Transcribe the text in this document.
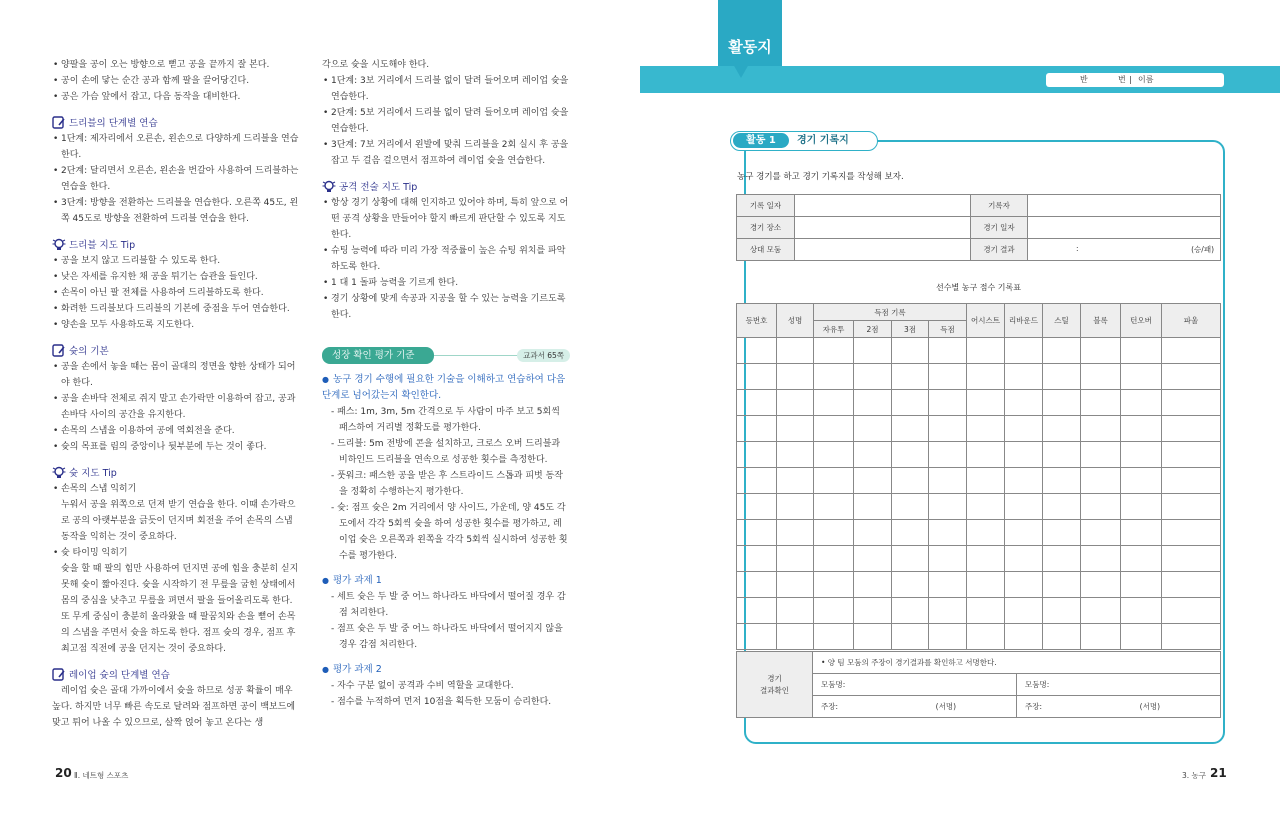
• 양팔을 공이 오는 방향으로 뻗고 공을 끝까지 잘 본다.
• 공이 손에 닿는 순간 공과 함께 팔을 끌어당긴다.
• 공은 가슴 앞에서 잡고, 다음 동작을 대비한다.
드리블의 단계별 연습
• 1단계: 제자리에서 오른손, 왼손으로 다양하게 드리블을 연습한다.
• 2단계: 달리면서 오른손, 왼손을 번갈아 사용하여 드리블하는 연습을 한다.
• 3단계: 방향을 전환하는 드리블을 연습한다. 오른쪽 45도, 왼쪽 45도로 방향을 전환하여 드리블 연습을 한다.
드리블 지도 Tip
• 공을 보지 않고 드리블할 수 있도록 한다.
• 낮은 자세를 유지한 채 공을 튀기는 습관을 들인다.
• 손목이 아닌 팔 전체를 사용하여 드리블하도록 한다.
• 화려한 드리블보다 드리블의 기본에 중점을 두어 연습한다.
• 양손을 모두 사용하도록 지도한다.
슛의 기본
• 공을 손에서 놓을 때는 몸이 골대의 정면을 향한 상태가 되어야 한다.
• 공을 손바닥 전체로 쥐지 말고 손가락만 이용하여 잡고, 공과 손바닥 사이의 공간을 유지한다.
• 손목의 스냅을 이용하여 공에 역회전을 준다.
• 슛의 목표를 림의 중앙이나 뒷부분에 두는 것이 좋다.
슛 지도 Tip
• 손목의 스냅 익히기
누워서 공을 위쪽으로 던져 받기 연습을 한다. 이때 손가락으로 공의 아랫부분을 긁듯이 던지며 회전을 주어 손목의 스냅 동작을 익히는 것이 중요하다.
• 슛 타이밍 익히기
슛을 할 때 팔의 힘만 사용하여 던지면 공에 힘을 충분히 싣지 못해 슛이 짧아진다. 슛을 시작하기 전 무릎을 굽힌 상태에서 몸의 중심을 낮추고 무릎을 펴면서 팔을 들어올리도록 한다. 또 무게 중심이 충분히 올라왔을 때 팔꿈치와 손을 뻗어 손목의 스냅을 주면서 슛을 하도록 한다. 점프 슛의 경우, 점프 후 최고점 직전에 공을 던지는 것이 중요하다.
레이업 슛의 단계별 연습
레이업 슛은 골대 가까이에서 슛을 하므로 성공 확률이 매우 높다. 하지만 너무 빠른 속도로 달려와 점프하면 공이 백보드에 맞고 튀어 나올 수 있으므로, 살짝 얹어 놓고 온다는 생
각으로 슛을 시도해야 한다.
• 1단계: 3보 거리에서 드리블 없이 달려 들어오며 레이업 슛을 연습한다.
• 2단계: 5보 거리에서 드리블 없이 달려 들어오며 레이업 슛을 연습한다.
• 3단계: 7보 거리에서 왼발에 맞춰 드리블을 2회 실시 후 공을 잡고 두 걸음 걸으면서 점프하여 레이업 슛을 연습한다.
공격 전술 지도 Tip
• 항상 경기 상황에 대해 인지하고 있어야 하며, 특히 앞으로 어떤 공격 상황을 만들어야 할지 빠르게 판단할 수 있도록 지도한다.
• 슈팅 능력에 따라 미리 가장 적중률이 높은 슈팅 위치를 파악하도록 한다.
• 1 대 1 돌파 능력을 기르게 한다.
• 경기 상황에 맞게 속공과 지공을 할 수 있는 능력을 기르도록 한다.
성장 확인 평가 기준	교과서 65쪽
● 농구 경기 수행에 필요한 기술을 이해하고 연습하여 다음 단계로 넘어갔는지 확인한다.
- 패스: 1m, 3m, 5m 간격으로 두 사람이 마주 보고 5회씩 패스하여 거리별 정확도를 평가한다.
- 드리블: 5m 전방에 콘을 설치하고, 크로스 오버 드리블과 비하인드 드리블을 연속으로 성공한 횟수를 측정한다.
- 풋워크: 패스한 공을 받은 후 스트라이드 스톱과 피벗 동작을 정확히 수행하는지 평가한다.
- 슛: 점프 슛은 2m 거리에서 양 사이드, 가운데, 양 45도 각도에서 각각 5회씩 슛을 하여 성공한 횟수를 평가하고, 레이업 슛은 오른쪽과 왼쪽을 각각 5회씩 실시하여 성공한 횟수를 평가한다.
● 평가 과제 1
- 세트 슛은 두 발 중 어느 하나라도 바닥에서 떨어질 경우 감점 처리한다.
- 점프 슛은 두 발 중 어느 하나라도 바닥에서 떨어지지 않을 경우 감점 처리한다.
● 평가 과제 2
- 자수 구분 없이 공격과 수비 역할을 교대한다.
- 점수를 누적하여 먼저 10점을 획득한 모둠이 승리한다.
20 Ⅱ. 네트형 스포츠
활동지
반	번 | 이름
활동 1	경기 기록지
농구 경기를 하고 경기 기록지를 작성해 보자.
기록 일자		기록자	
경기 장소		경기 일자	
상대 모둠		경기 결과	: (승/패)
선수별 농구 점수 기록표
등번호	성명	득점 기록				어시스트	리바운드	스틸	블록	턴오버	파울
		자유투	2점	3점	득점						

경기
결과확인	• 양 팀 모둠의 주장이 경기결과를 확인하고 서명한다.	
	모둠명:	모둠명:
	주장: (서명)	주장: (서명)
3. 농구 21
